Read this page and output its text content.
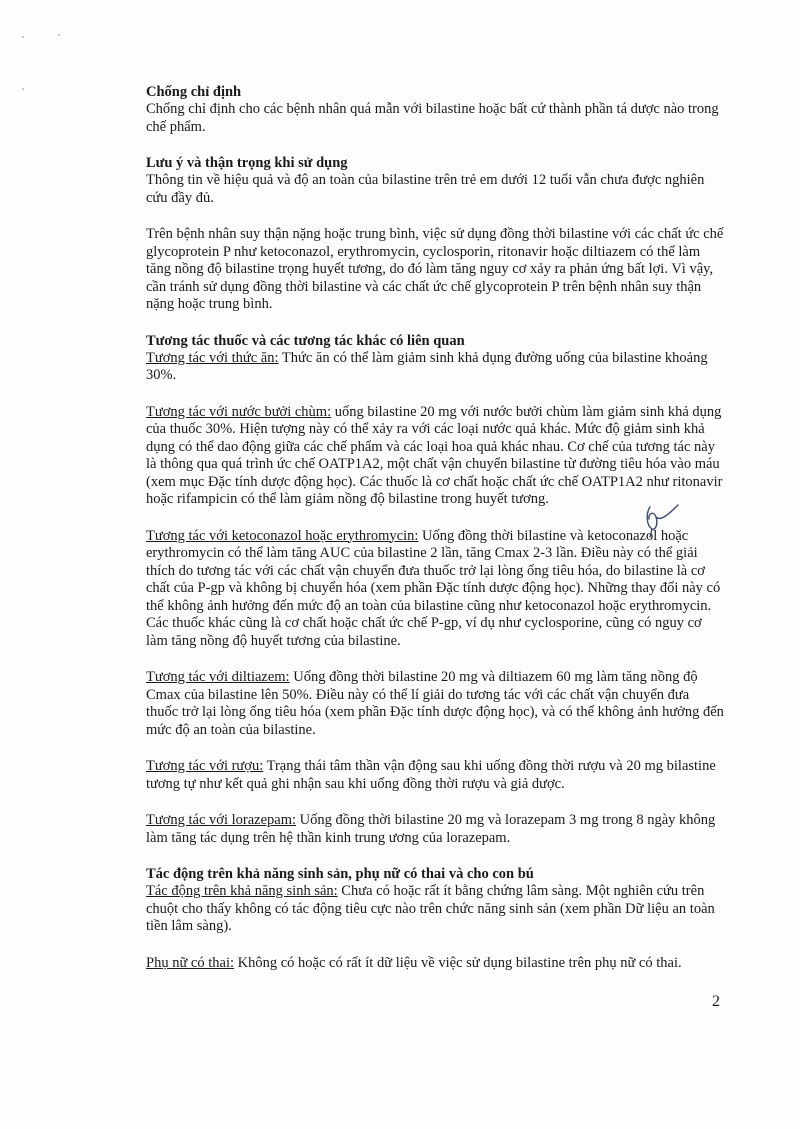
Chống chỉ định

Chống chỉ định cho các bệnh nhân quá mẫn với bilastine hoặc bất cứ thành phần tá dược nào trong chế phẩm.

Lưu ý và thận trọng khi sử dụng

Thông tin về hiệu quả và độ an toàn của bilastine trên trẻ em dưới 12 tuổi vẫn chưa được nghiên cứu đầy đủ.

Trên bệnh nhân suy thận nặng hoặc trung bình, việc sử dụng đồng thời bilastine với các chất ức chế glycoprotein P như ketoconazol, erythromycin, cyclosporin, ritonavir hoặc diltiazem có thể làm tăng nồng độ bilastine trọng huyết tương, do đó làm tăng nguy cơ xảy ra phản ứng bất lợi. Vì vậy, cần tránh sử dụng đồng thời bilastine và các chất ức chế glycoprotein P trên bệnh nhân suy thận nặng hoặc trung bình.

Tương tác thuốc và các tương tác khác có liên quan

Tương tác với thức ăn: Thức ăn có thể làm giảm sinh khả dụng đường uống của bilastine khoảng 30%.

Tương tác với nước bưởi chùm: uống bilastine 20 mg với nước bưởi chùm làm giảm sinh khả dụng của thuốc 30%. Hiện tượng này có thể xảy ra với các loại nước quả khác. Mức độ giảm sinh khả dụng có thể dao động giữa các chế phẩm và các loại hoa quả khác nhau. Cơ chế của tương tác này là thông qua quá trình ức chế OATP1A2, một chất vận chuyển bilastine từ đường tiêu hóa vào máu (xem mục Đặc tính dược động học). Các thuốc là cơ chất hoặc chất ức chế OATP1A2 như ritonavir hoặc rifampicin có thể làm giảm nồng độ bilastine trong huyết tương.

Tương tác với ketoconazol hoặc erythromycin: Uống đồng thời bilastine và ketoconazol hoặc erythromycin có thể làm tăng AUC của bilastine 2 lần, tăng Cmax 2-3 lần. Điều này có thể giải thích do tương tác với các chất vận chuyển đưa thuốc trở lại lòng ống tiêu hóa, do bilastine là cơ chất của P-gp và không bị chuyển hóa (xem phần Đặc tính dược động học). Những thay đổi này có thể không ảnh hưởng đến mức độ an toàn của bilastine cũng như ketoconazol hoặc erythromycin. Các thuốc khác cũng là cơ chất hoặc chất ức chế P-gp, ví dụ như cyclosporine, cũng có nguy cơ làm tăng nồng độ huyết tương của bilastine.

Tương tác với diltiazem: Uống đồng thời bilastine 20 mg và diltiazem 60 mg làm tăng nồng độ Cmax của bilastine lên 50%. Điều này có thể lí giải do tương tác với các chất vận chuyển đưa thuốc trở lại lòng ống tiêu hóa (xem phần Đặc tính dược động học), và có thể không ảnh hưởng đến mức độ an toàn của bilastine.

Tương tác với rượu: Trạng thái tâm thần vận động sau khi uống đồng thời rượu và 20 mg bilastine tương tự như kết quả ghi nhận sau khi uống đồng thời rượu và giả dược.

Tương tác với lorazepam: Uống đồng thời bilastine 20 mg và lorazepam 3 mg trong 8 ngày không làm tăng tác dụng trên hệ thần kinh trung ương của lorazepam.

Tác động trên khả năng sinh sản, phụ nữ có thai và cho con bú

Tác động trên khả năng sinh sản: Chưa có hoặc rất ít bằng chứng lâm sàng. Một nghiên cứu trên chuột cho thấy không có tác động tiêu cực nào trên chức năng sinh sản (xem phần Dữ liệu an toàn tiền lâm sàng).

Phụ nữ có thai: Không có hoặc có rất ít dữ liệu về việc sử dụng bilastine trên phụ nữ có thai.

2
